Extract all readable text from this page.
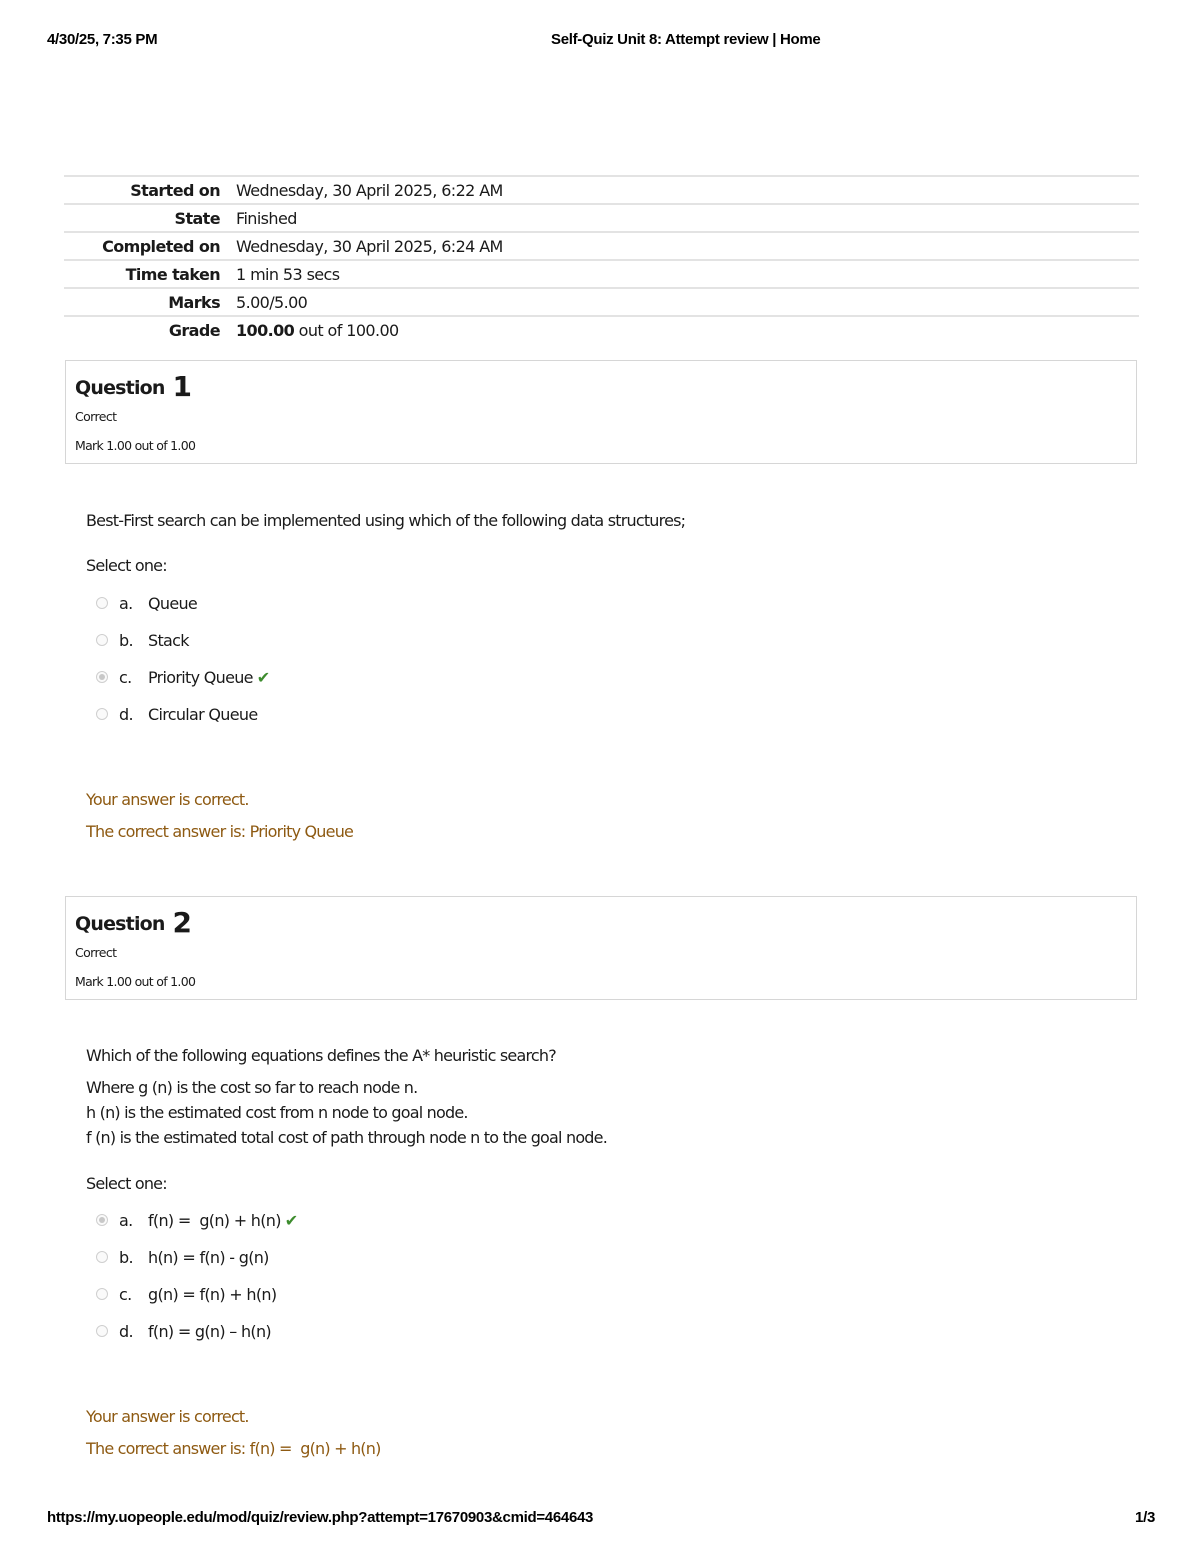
4/30/25, 7:35 PM	Self-Quiz Unit 8: Attempt review | Home
Started on	Wednesday, 30 April 2025, 6:22 AM
State	Finished
Completed on	Wednesday, 30 April 2025, 6:24 AM
Time taken	1 min 53 secs
Marks	5.00/5.00
Grade	100.00 out of 100.00
Question 1
Correct
Mark 1.00 out of 1.00
Best-First search can be implemented using which of the following data structures;
Select one:
a. Queue
b. Stack
c. Priority Queue ✔
d. Circular Queue
Your answer is correct.
The correct answer is: Priority Queue
Question 2
Correct
Mark 1.00 out of 1.00
Which of the following equations defines the A* heuristic search?
Where g (n) is the cost so far to reach node n.
h (n) is the estimated cost from n node to goal node.
f (n) is the estimated total cost of path through node n to the goal node.
Select one:
a. f(n) =  g(n) + h(n) ✔
b. h(n) = f(n) - g(n)
c. g(n) = f(n) + h(n)
d. f(n) = g(n) – h(n)
Your answer is correct.
The correct answer is: f(n) =  g(n) + h(n)
https://my.uopeople.edu/mod/quiz/review.php?attempt=17670903&cmid=464643	1/3
